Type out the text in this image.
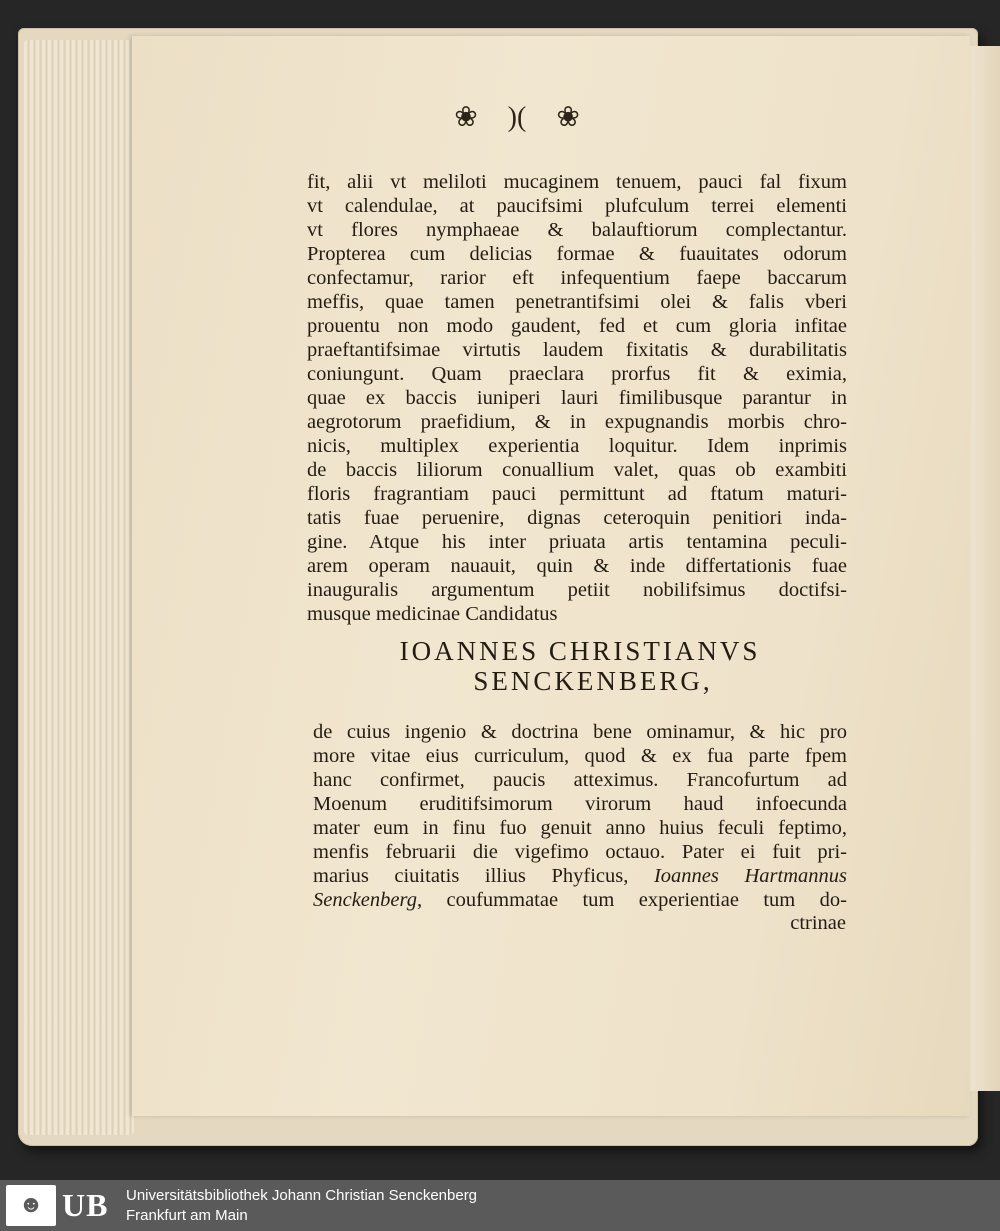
❀ )( ❀
fit, alii vt meliloti mucaginem tenuem, pauci fal fixum
vt calendulae, at paucifsimi plufculum terrei elementi
vt flores nymphaeae & balauftiorum complectantur.
Propterea cum delicias formae & fuauitates odorum
confectamur, rarior eft infequentium faepe baccarum
meffis, quae tamen penetrantifsimi olei & falis vberi
prouentu non modo gaudent, fed et cum gloria infitae
praeftantifsimae virtutis laudem fixitatis & durabilitatis
coniungunt. Quam praeclara prorfus fit & eximia,
quae ex baccis iuniperi lauri fimilibusque parantur in
aegrotorum praefidium, & in expugnandis morbis chro-
nicis, multiplex experientia loquitur. Idem inprimis
de baccis liliorum conuallium valet, quas ob exambiti
floris fragrantiam pauci permittunt ad ftatum maturi-
tatis fuae peruenire, dignas ceteroquin penitiori inda-
gine. Atque his inter priuata artis tentamina peculi-
arem operam nauauit, quin & inde differtationis fuae
inauguralis argumentum petiit nobilifsimus doctifsi-
musque medicinae Candidatus
IOANNES CHRISTIANVS
SENCKENBERG,
de cuius ingenio & doctrina bene ominamur, & hic pro
more vitae eius curriculum, quod & ex fua parte fpem
hanc confirmet, paucis atteximus. Francofurtum ad
Moenum eruditifsimorum virorum haud infoecunda
mater eum in finu fuo genuit anno huius feculi feptimo,
menfis februarii die vigefimo octauo. Pater ei fuit pri-
marius ciuitatis illius Phyficus, Ioannes Hartmannus
Senckenberg, coufummatae tum experientiae tum do-
ctrinae
☻ UB Universitätsbibliothek Johann Christian Senckenberg
Frankfurt am Main
